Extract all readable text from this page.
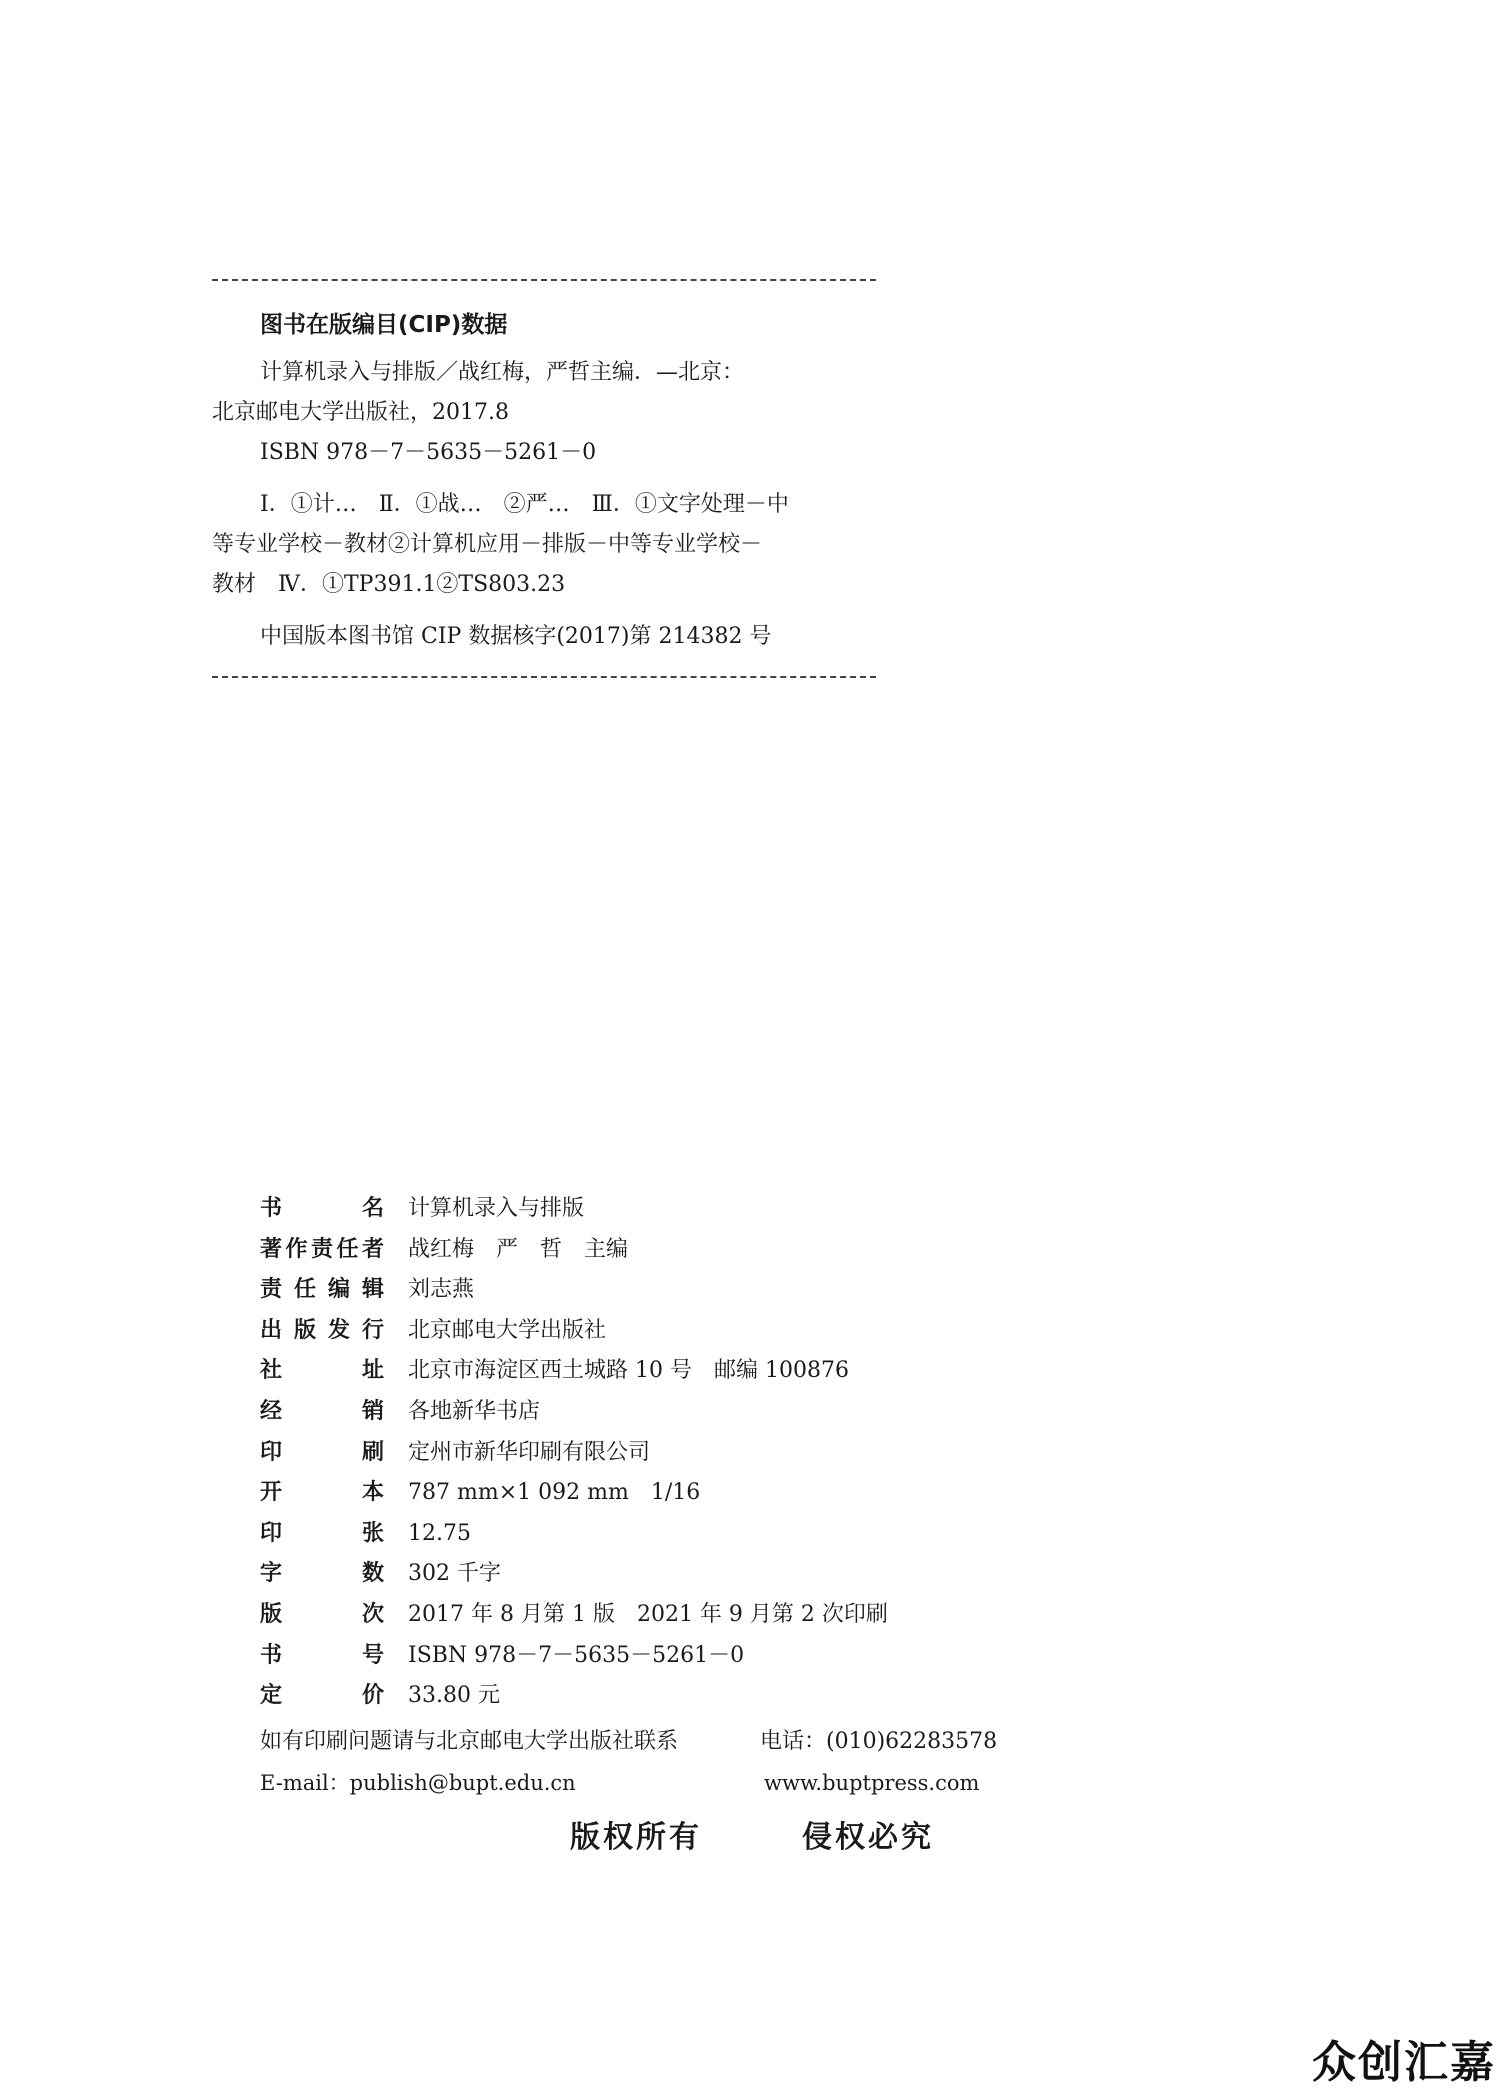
图书在版编目(CIP)数据
计算机录入与排版／战红梅，严哲主编．—北京：
北京邮电大学出版社，2017.8
ISBN 978－7－5635－5261－0
Ⅰ．①计…　Ⅱ．①战…　②严…　Ⅲ．①文字处理－中
等专业学校－教材②计算机应用－排版－中等专业学校－
教材　Ⅳ．①TP391.1②TS803.23
中国版本图书馆 CIP 数据核字(2017)第 214382 号
书名 计算机录入与排版
著作责任者 战红梅　严　哲　主编
责任编辑 刘志燕
出版发行 北京邮电大学出版社
社址 北京市海淀区西土城路 10 号　邮编 100876
经销 各地新华书店
印刷 定州市新华印刷有限公司
开本 787 mm×1 092 mm　1/16
印张 12.75
字数 302 千字
版次 2017 年 8 月第 1 版　2021 年 9 月第 2 次印刷
书号 ISBN 978－7－5635－5261－0
定价 33.80 元
如有印刷问题请与北京邮电大学出版社联系	电话：(010)62283578
E-mail：publish@bupt.edu.cn	www.buptpress.com
版权所有	侵权必究
众创汇嘉
